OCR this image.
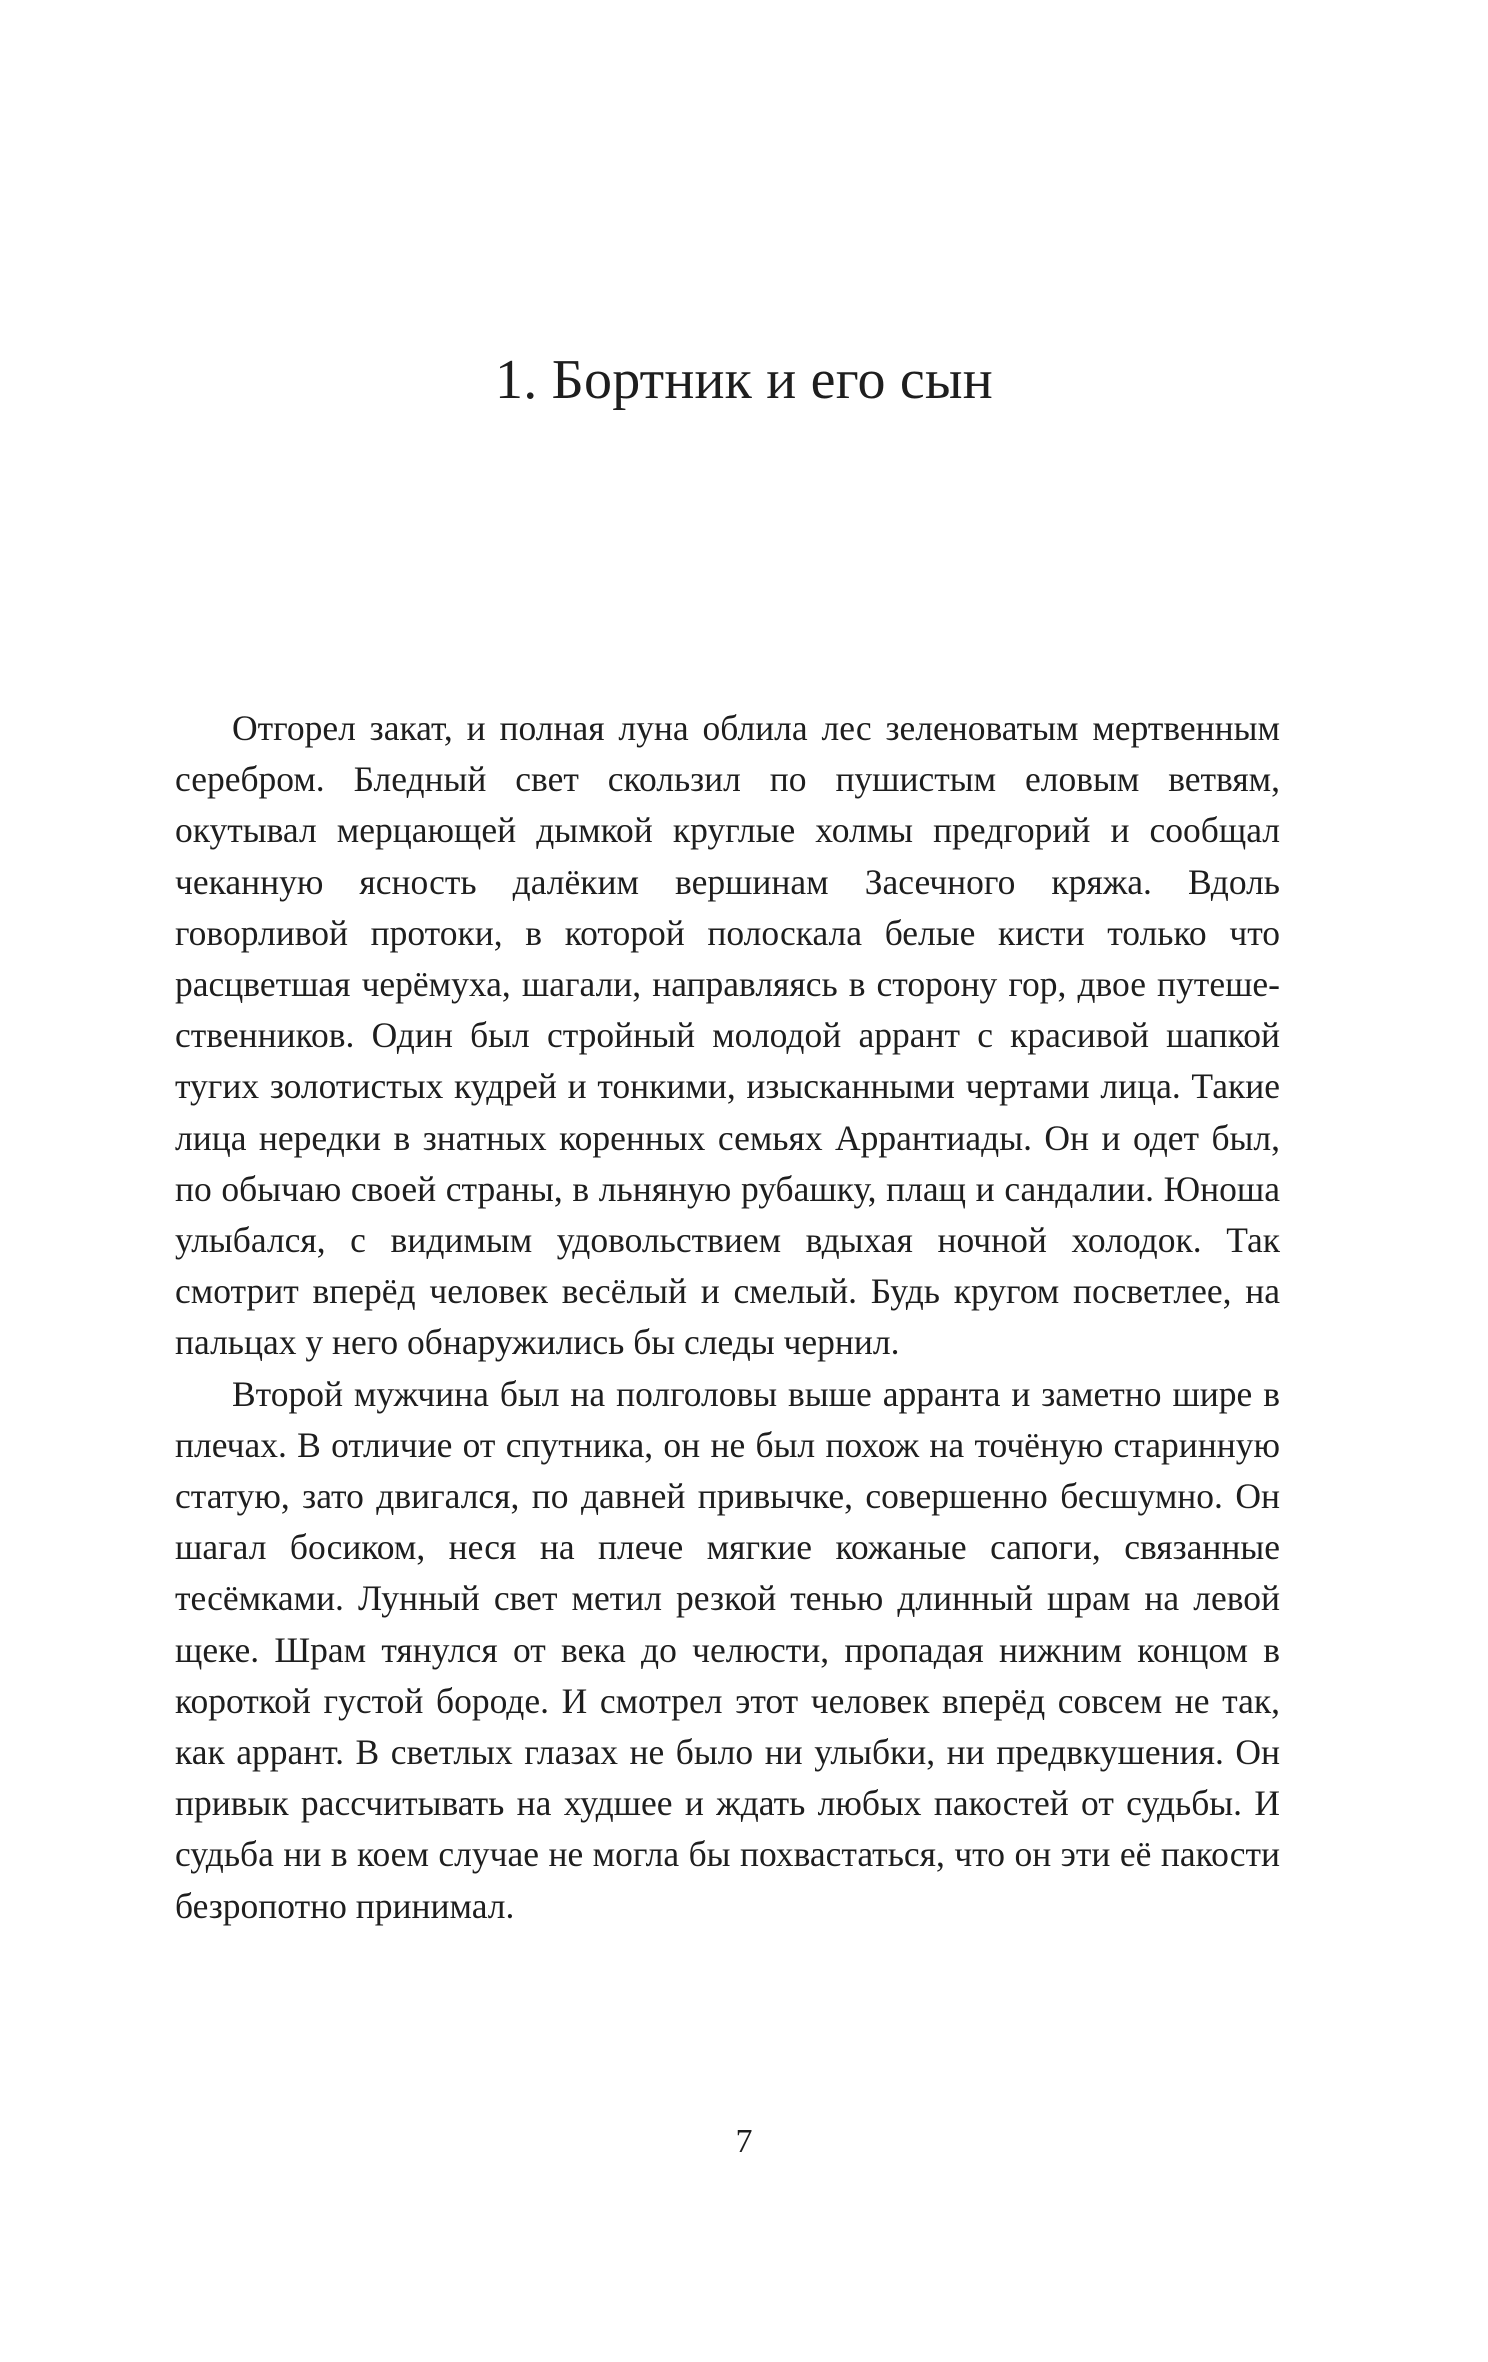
1. Бортник и его сын

Отгорел закат, и полная луна облила лес зеленоватым мертвенным серебром. Бледный свет скользил по пушистым еловым ветвям, окутывал мерцающей дымкой круглые холмы предгорий и сообщал чеканную ясность далёким вершинам Засечного кряжа. Вдоль говорливой протоки, в которой полоскала белые кисти только что расцветшая черёмуха, шагали, направляясь в сторону гор, двое путешественников. Один был стройный молодой аррант с красивой шапкой тугих золотистых кудрей и тонкими, изысканными чертами лица. Такие лица нередки в знатных коренных семьях Аррантиады. Он и одет был, по обычаю своей страны, в льняную рубашку, плащ и сандалии. Юноша улыбался, с видимым удовольствием вдыхая ночной холодок. Так смотрит вперёд человек весёлый и смелый. Будь кругом посветлее, на пальцах у него обнаружились бы следы чернил.

Второй мужчина был на полголовы выше арранта и заметно шире в плечах. В отличие от спутника, он не был похож на точёную старинную статую, зато двигался, по давней привычке, совершенно бесшумно. Он шагал босиком, неся на плече мягкие кожаные сапоги, связанные тесёмками. Лунный свет метил резкой тенью длинный шрам на левой щеке. Шрам тянулся от века до челюсти, пропадая нижним концом в короткой густой бороде. И смотрел этот человек вперёд совсем не так, как аррант. В светлых глазах не было ни улыбки, ни предвкушения. Он привык рассчитывать на худшее и ждать любых пакостей от судьбы. И судьба ни в коем случае не могла бы похвастаться, что он эти её пакости безропотно принимал.

7
